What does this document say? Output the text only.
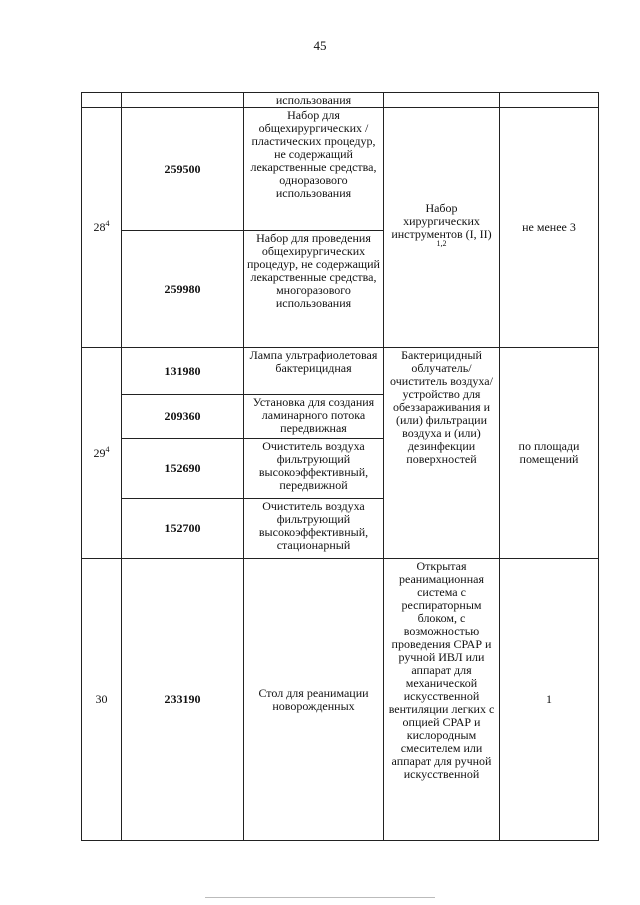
45
		использования		
$28^4$	259500	Набор для общехирургических /пластических процедур, не содержащий лекарственные средства, одноразового использования	Набор хирургических инструментов (I, II) $^{1,2}$	не менее 3
	259980	Набор для проведения общехирургических процедур, не содержащий лекарственные средства, многоразового использования		
$29^4$	131980	Лампа ультрафиолетовая бактерицидная	Бактерицидный облучатель/ очиститель воздуха/ устройство для обеззараживания и (или) фильтрации воздуха и (или) дезинфекции поверхностей	по площади помещений
	209360	Установка для создания ламинарного потока передвижная		
	152690	Очиститель воздуха фильтрующий высокоэффективный, передвижной		
	152700	Очиститель воздуха фильтрующий высокоэффективный, стационарный		
30	233190	Стол для реанимации новорожденных	Открытая реанимационная система с респираторным блоком, с возможностью проведения СРАР и ручной ИВЛ или аппарат для механической искусственной вентиляции легких с опцией СРАР и кислородным смесителем или аппарат для ручной искусственной	1
